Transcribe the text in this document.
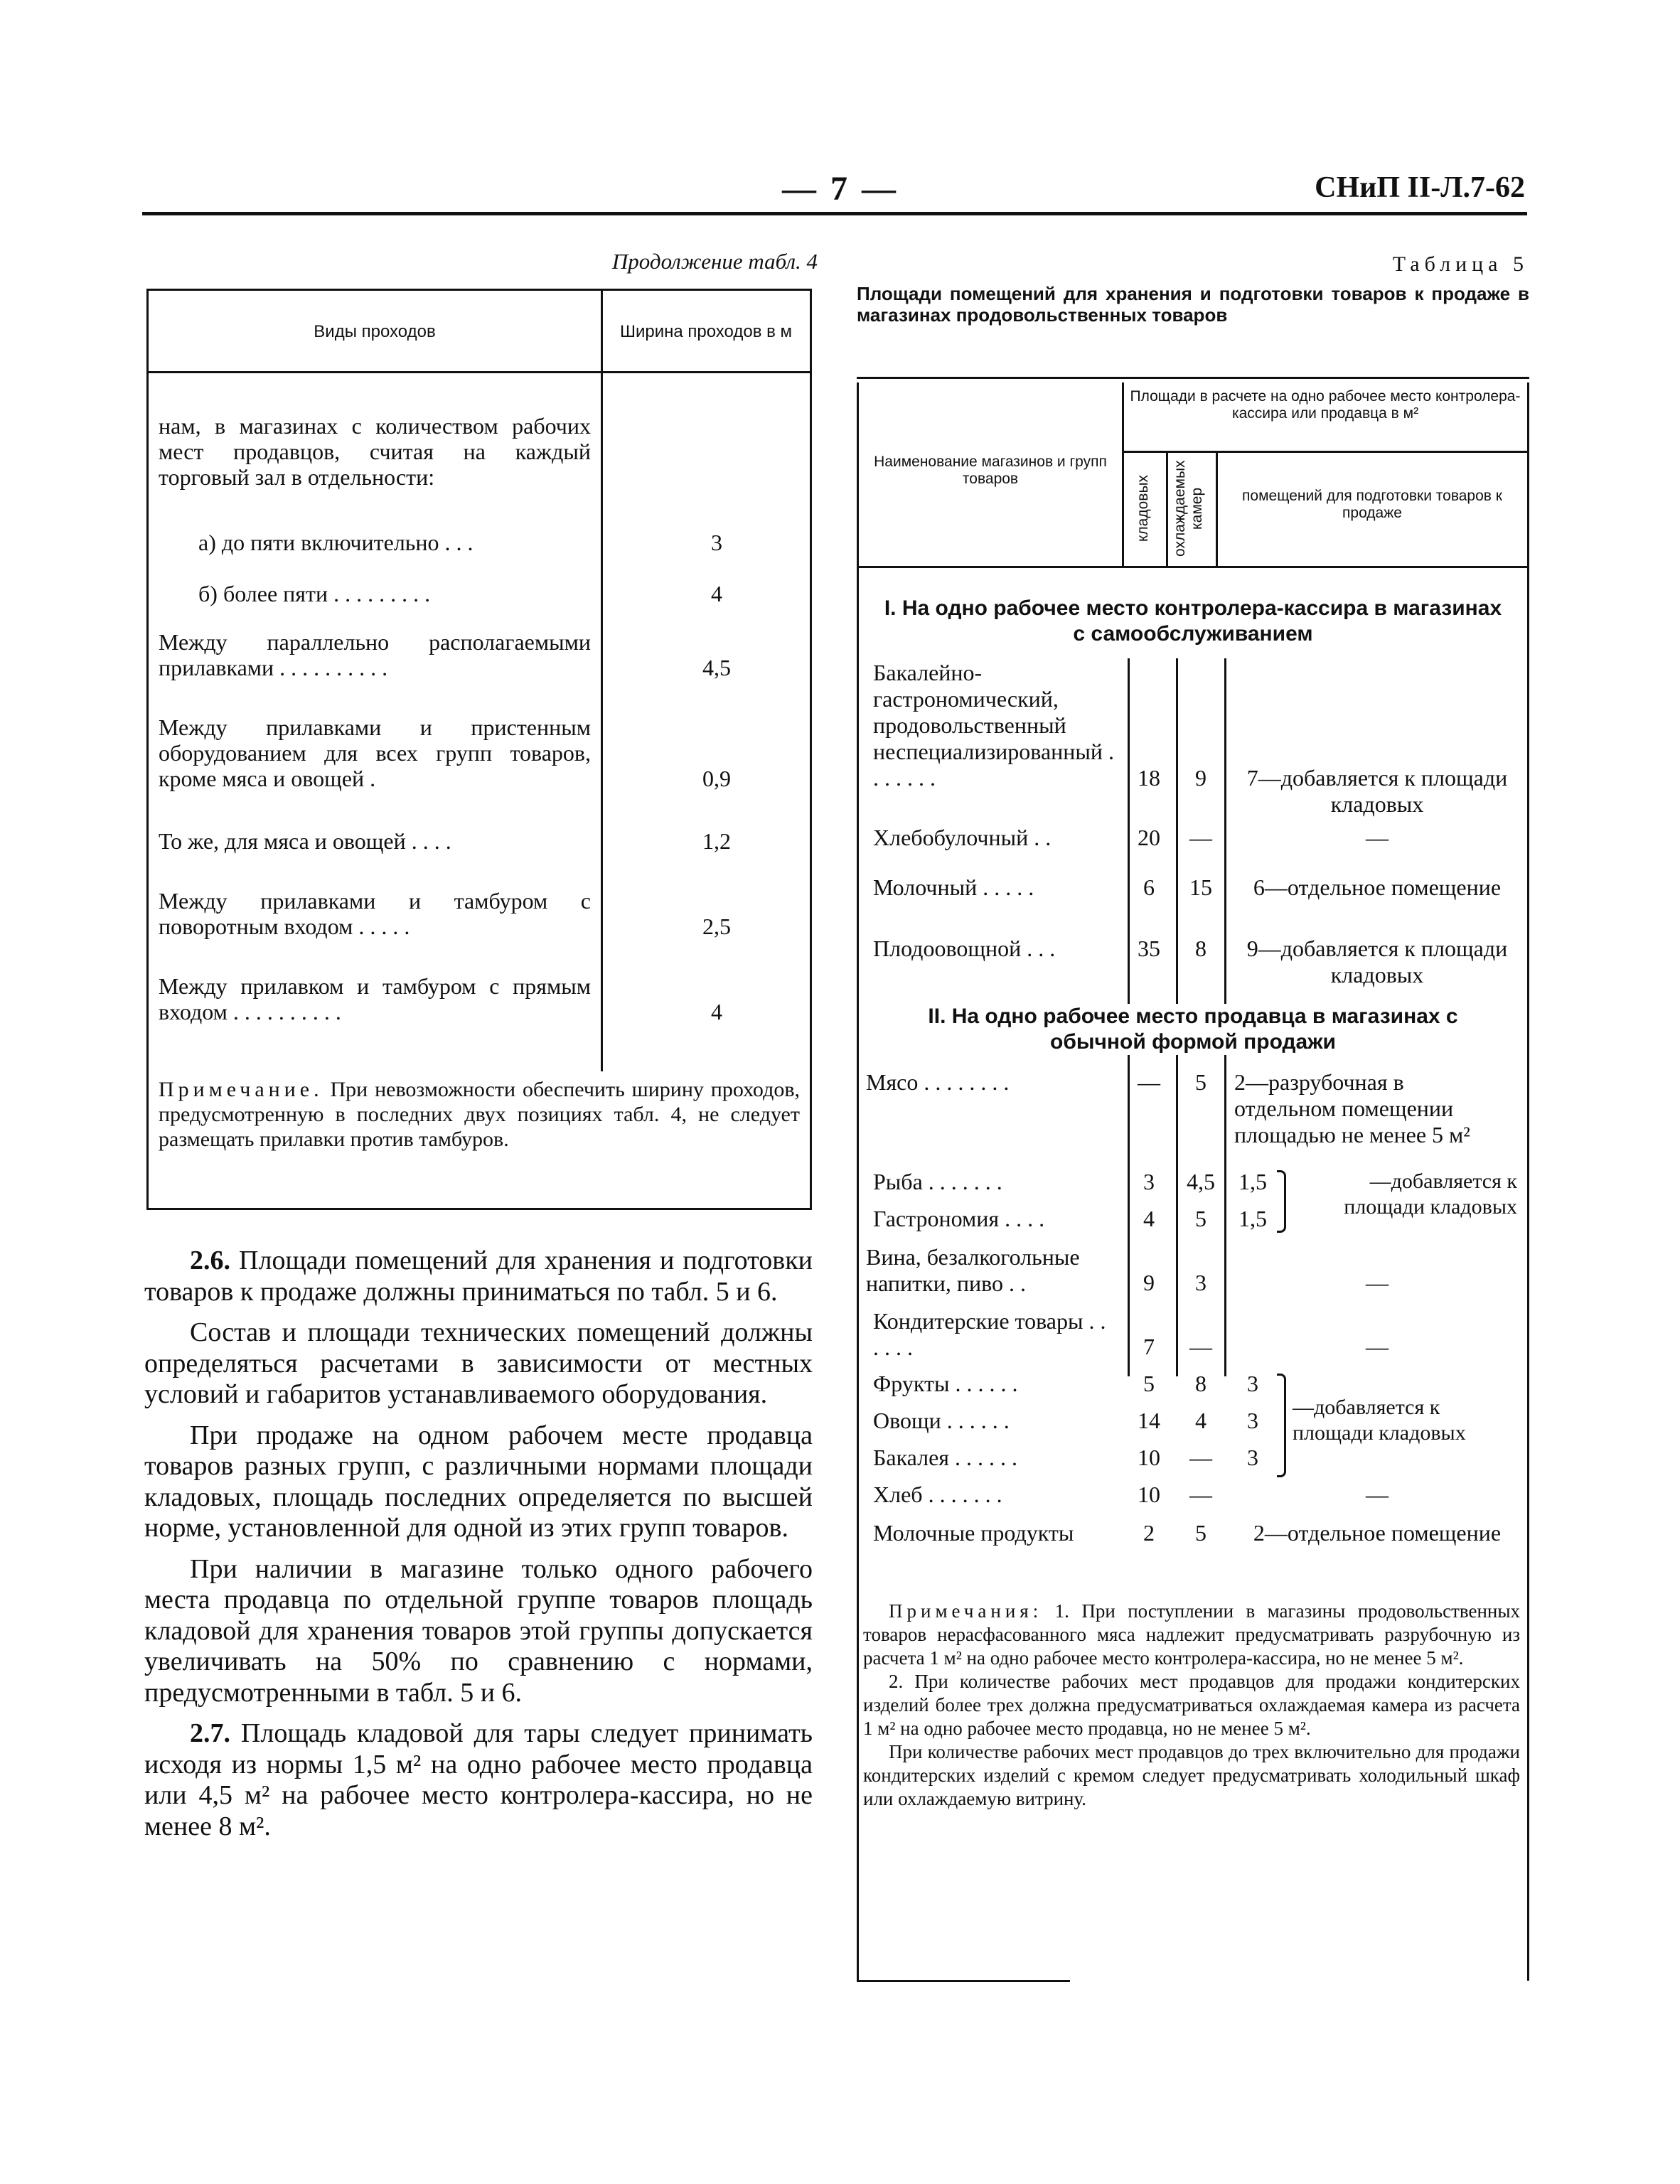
— 7 —	СНиП II-Л.7-62
Продолжение табл. 4
Виды проходов	Ширина проходов в м
нам, в магазинах с количеством рабочих мест продавцов, считая на каждый торговый зал в отдельности:
а) до пяти включительно . . .	3
б) более пяти . . . . . . . . .	4
Между параллельно располагаемыми прилавками . . . . . . . . . .	4,5
Между прилавками и пристенным оборудованием для всех групп товаров, кроме мяса и овощей .	0,9
То же, для мяса и овощей . . . .	1,2
Между прилавками и тамбуром с поворотным входом . . . . .	2,5
Между прилавком и тамбуром с прямым входом . . . . . . . . . .	4
Примечание. При невозможности обеспечить ширину проходов, предусмотренную в последних двух позициях табл. 4, не следует размещать прилавки против тамбуров.

2.6. Площади помещений для хранения и подготовки товаров к продаже должны приниматься по табл. 5 и 6.

Состав и площади технических помещений должны определяться расчетами в зависимости от местных условий и габаритов устанавливаемого оборудования.

При продаже на одном рабочем месте продавца товаров разных групп, с различными нормами площади кладовых, площадь последних определяется по высшей норме, установленной для одной из этих групп товаров.

При наличии в магазине только одного рабочего места продавца по отдельной группе товаров площадь кладовой для хранения товаров этой группы допускается увеличивать на 50% по сравнению с нормами, предусмотренными в табл. 5 и 6.

2.7. Площадь кладовой для тары следует принимать исходя из нормы 1,5 м² на одно рабочее место продавца или 4,5 м² на рабочее место контролера-кассира, но не менее 8 м².

Таблица 5
Площади помещений для хранения и подготовки товаров к продаже в магазинах продовольственных товаров
Наименование магазинов и групп товаров
Площади в расчете на одно рабочее место контролера-кассира или продавца в м²
кладовых	охлаждаемых камер	помещений для подготовки товаров к продаже
I. На одно рабочее место контролера-кассира в магазинах с самообслуживанием
Бакалейно-гастрономический, продовольственный неспециализированный . . . . . . .	18	9	7—добавляется к площади кладовых
Хлебобулочный . .	20	—	—
Молочный . . . . .	6	15	6—отдельное помещение
Плодоовощной . . .	35	8	9—добавляется к площади кладовых
II. На одно рабочее место продавца в магазинах с обычной формой продажи
Мясо . . . . . . . .	—	5	2—разрубочная в отдельном помещении площадью не менее 5 м²
Рыба . . . . . . .	3	4,5	1,5
Гастрономия . . . .	4	5	1,5
—добавляется к площади кладовых
Вина, безалкогольные напитки, пиво . .	9	3	—
Кондитерские товары . . . . . .	7	—	—
Фрукты . . . . . .	5	8	3
Овощи . . . . . .	14	4	3
Бакалея . . . . . .	10	—	3
—добавляется к площади кладовых
Хлеб . . . . . . .	10	—	—
Молочные продукты	2	5	2—отдельное помещение

Примечания: 1. При поступлении в магазины продовольственных товаров нерасфасованного мяса надлежит предусматривать разрубочную из расчета 1 м² на одно рабочее место контролера-кассира, но не менее 5 м².

2. При количестве рабочих мест продавцов для продажи кондитерских изделий более трех должна предусматриваться охлаждаемая камера из расчета 1 м² на одно рабочее место продавца, но не менее 5 м².

При количестве рабочих мест продавцов до трех включительно для продажи кондитерских изделий с кремом следует предусматривать холодильный шкаф или охлаждаемую витрину.
